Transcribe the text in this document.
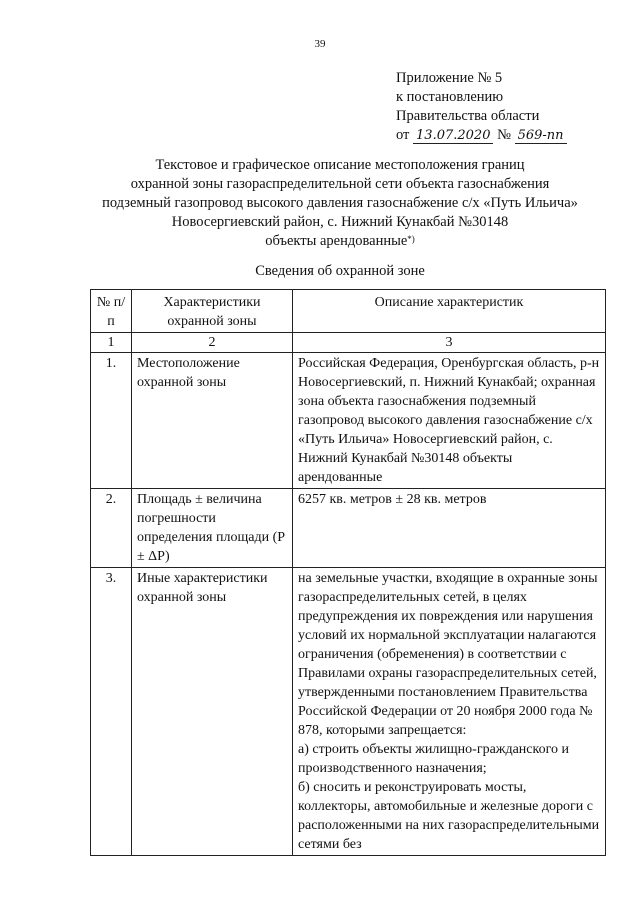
39
Приложение № 5
к постановлению
Правительства области
от 13.07.2020 № 569-пп
Текстовое и графическое описание местоположения границ
охранной зоны газораспределительной сети объекта газоснабжения
подземный газопровод высокого давления газоснабжение с/х «Путь Ильича»
Новосергиевский район, с. Нижний Кунакбай №30148
объекты арендованные*)
Сведения об охранной зоне
№ п/п	Характеристики охранной зоны	Описание характеристик
1	2	3
1.	Местоположение охранной зоны	Российская Федерация, Оренбургская область, р-н Новосергиевский, п. Нижний Кунакбай; охранная зона объекта газоснабжения подземный газопровод высокого давления газоснабжение с/х «Путь Ильича» Новосергиевский район, с. Нижний Кунакбай №30148 объекты арендованные
2.	Площадь ± величина погрешности определения площади (Р ± ΔР)	6257 кв. метров ± 28 кв. метров
3.	Иные характеристики охранной зоны	на земельные участки, входящие в охранные зоны газораспределительных сетей, в целях предупреждения их повреждения или нарушения условий их нормальной эксплуатации налагаются ограничения (обременения) в соответствии с Правилами охраны газораспределительных сетей, утвержденными постановлением Правительства Российской Федерации от 20 ноября 2000 года № 878, которыми запрещается:
а) строить объекты жилищно-гражданского и производственного назначения;
б) сносить и реконструировать мосты, коллекторы, автомобильные и железные дороги с расположенными на них газораспределительными сетями без
